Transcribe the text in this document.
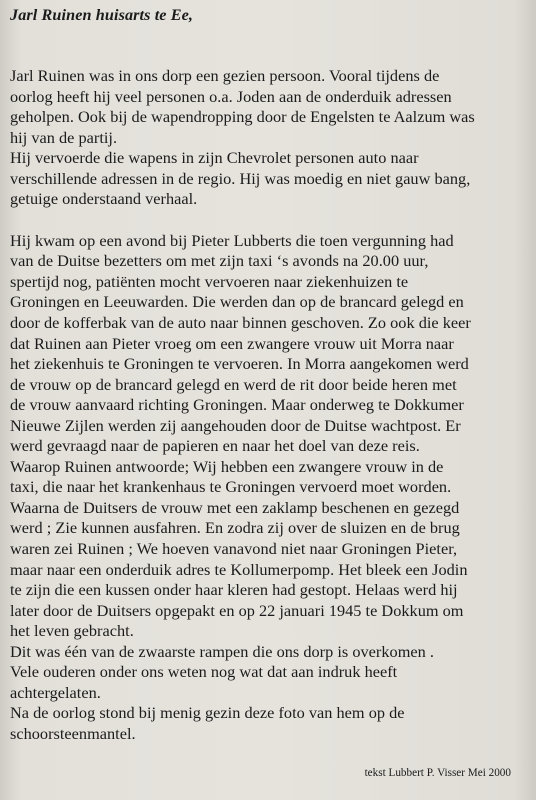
Jarl Ruinen huisarts te Ee,
Jarl Ruinen was in ons dorp een gezien persoon. Vooral tijdens de
oorlog heeft hij veel personen o.a. Joden aan de onderduik adressen
geholpen. Ook bij de wapendropping door de Engelsten te Aalzum was
hij van de partij.
Hij vervoerde die wapens in zijn Chevrolet personen auto naar
verschillende adressen in de regio. Hij was moedig en niet gauw bang,
getuige onderstaand verhaal.
Hij kwam op een avond bij Pieter Lubberts die toen vergunning had
van de Duitse bezetters om met zijn taxi ‘s avonds na 20.00 uur,
spertijd nog, patiënten mocht vervoeren naar ziekenhuizen te
Groningen en Leeuwarden. Die werden dan op de brancard gelegd en
door de kofferbak van de auto naar binnen geschoven. Zo ook die keer
dat Ruinen aan Pieter vroeg om een zwangere vrouw uit Morra naar
het ziekenhuis te Groningen te vervoeren. In Morra aangekomen werd
de vrouw op de brancard gelegd en werd de rit door beide heren met
de vrouw aanvaard richting Groningen. Maar onderweg te Dokkumer
Nieuwe Zijlen werden zij aangehouden door de Duitse wachtpost. Er
werd gevraagd naar de papieren en naar het doel van deze reis.
Waarop Ruinen antwoorde; Wij hebben een zwangere vrouw in de
taxi, die naar het krankenhaus te Groningen vervoerd moet worden.
Waarna de Duitsers de vrouw met een zaklamp beschenen en gezegd
werd ; Zie kunnen ausfahren. En zodra zij over de sluizen en de brug
waren zei Ruinen ; We hoeven vanavond niet naar Groningen Pieter,
maar naar een onderduik adres te Kollumerpomp. Het bleek een Jodin
te zijn die een kussen onder haar kleren had gestopt. Helaas werd hij
later door de Duitsers opgepakt en op 22 januari 1945 te Dokkum om
het leven gebracht.
Dit was één van de zwaarste rampen die ons dorp is overkomen .
Vele ouderen onder ons weten nog wat dat aan indruk heeft
achtergelaten.
Na de oorlog stond bij menig gezin deze foto van hem op de
schoorsteenmantel.
tekst Lubbert P. Visser Mei 2000
